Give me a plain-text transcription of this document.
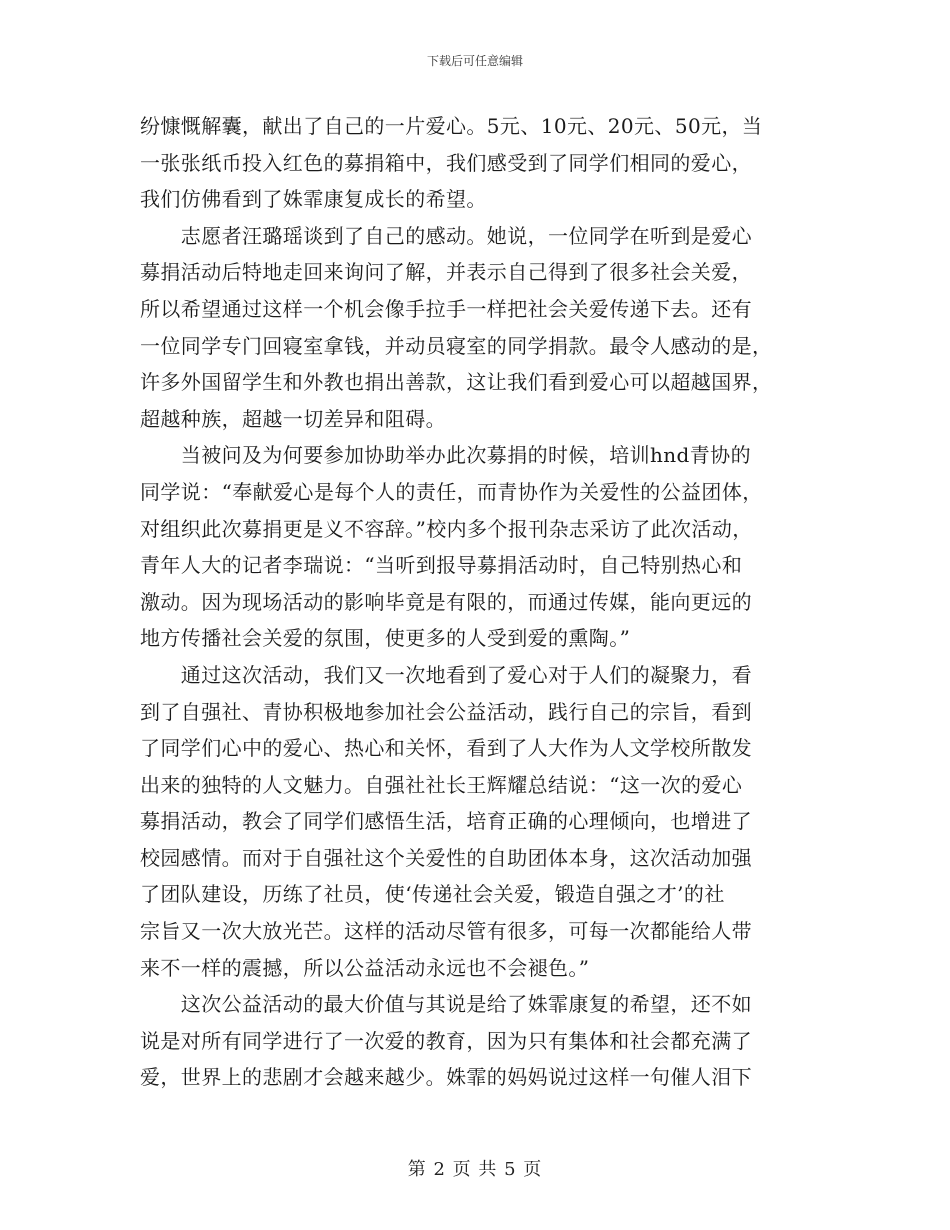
下载后可任意编辑

纷慷慨解囊，献出了自己的一片爱心。5元、10元、20元、50元，当
一张张纸币投入红色的募捐箱中，我们感受到了同学们相同的爱心，
我们仿佛看到了姝霏康复成长的希望。

　　志愿者汪璐瑶谈到了自己的感动。她说，一位同学在听到是爱心
募捐活动后特地走回来询问了解，并表示自己得到了很多社会关爱，
所以希望通过这样一个机会像手拉手一样把社会关爱传递下去。还有
一位同学专门回寝室拿钱，并动员寝室的同学捐款。最令人感动的是，
许多外国留学生和外教也捐出善款，这让我们看到爱心可以超越国界，
超越种族，超越一切差异和阻碍。

　　当被问及为何要参加协助举办此次募捐的时候，培训hnd青协的
同学说：“奉献爱心是每个人的责任，而青协作为关爱性的公益团体，
对组织此次募捐更是义不容辞。”校内多个报刊杂志采访了此次活动，
青年人大的记者李瑞说：“当听到报导募捐活动时，自己特别热心和
激动。因为现场活动的影响毕竟是有限的，而通过传媒，能向更远的
地方传播社会关爱的氛围，使更多的人受到爱的熏陶。”

　　通过这次活动，我们又一次地看到了爱心对于人们的凝聚力，看
到了自强社、青协积极地参加社会公益活动，践行自己的宗旨，看到
了同学们心中的爱心、热心和关怀，看到了人大作为人文学校所散发
出来的独特的人文魅力。自强社社长王辉耀总结说：“这一次的爱心
募捐活动，教会了同学们感悟生活，培育正确的心理倾向，也增进了
校园感情。而对于自强社这个关爱性的自助团体本身，这次活动加强
了团队建设，历练了社员，使‘传递社会关爱，锻造自强之才’的社
宗旨又一次大放光芒。这样的活动尽管有很多，可每一次都能给人带
来不一样的震撼，所以公益活动永远也不会褪色。”

　　这次公益活动的最大价值与其说是给了姝霏康复的希望，还不如
说是对所有同学进行了一次爱的教育，因为只有集体和社会都充满了
爱，世界上的悲剧才会越来越少。姝霏的妈妈说过这样一句催人泪下

第 2 页 共 5 页
